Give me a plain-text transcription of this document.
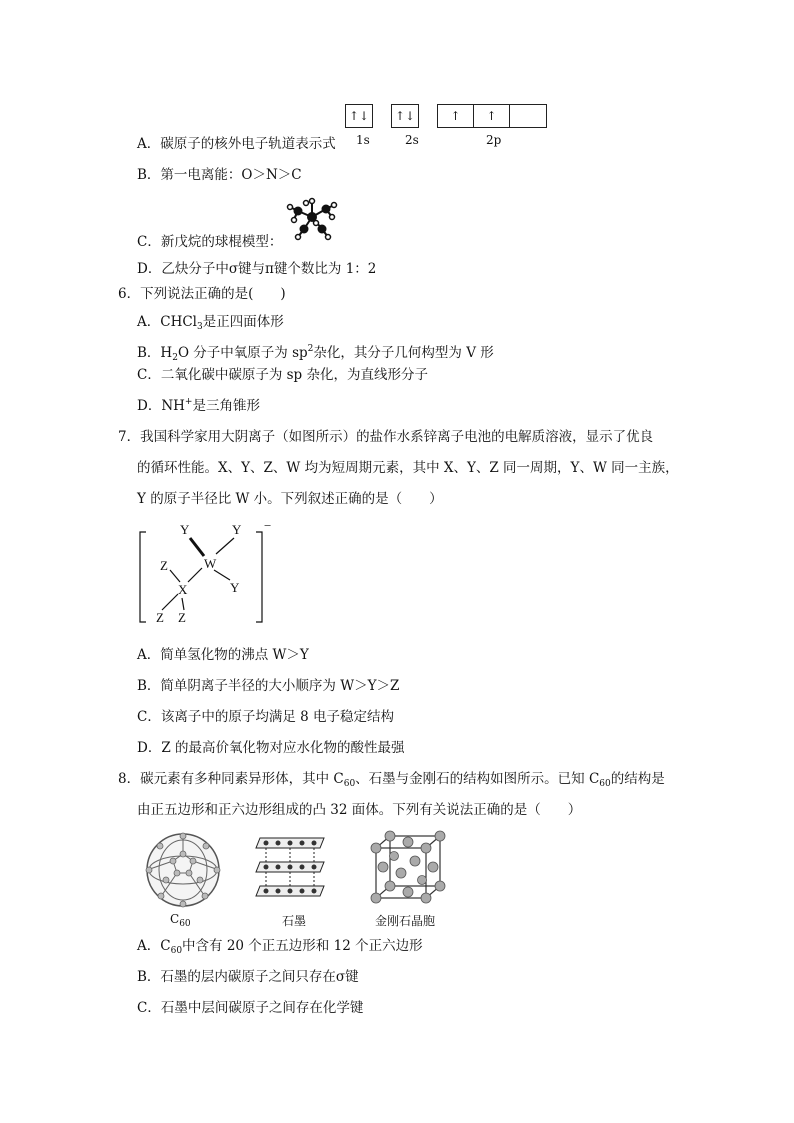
↑↓ ↑↓	↑	↑
1s	2s	2p
A．碳原子的核外电子轨道表示式
B．第一电离能：O＞N＞C
C．新戊烷的球棍模型：
D．乙炔分子中σ键与π键个数比为 1：2
6．下列说法正确的是(　　)
A．CHCl$_3$是正四面体形
B．$H_2O$ 分子中氧原子为 $sp^2$杂化，其分子几何构型为 V 形
C．二氧化碳中碳原子为 sp 杂化，为直线形分子
D．NH+是三角锥形
7．我国科学家用大阴离子（如图所示）的盐作水系锌离子电池的电解质溶液，显示了优良
的循环性能。X、Y、Z、W 均为短周期元素，其中 X、Y、Z 同一周期，Y、W 同一主族，
Y 的原子半径比 W 小。下列叙述正确的是（　　）
Y	Y
W
Z
Y
X
Z Z
−
A．简单氢化物的沸点 W＞Y
B．简单阴离子半径的大小顺序为 W＞Y＞Z
C．该离子中的原子均满足 8 电子稳定结构
D．Z 的最高价氧化物对应水化物的酸性最强
8．碳元素有多种同素异形体，其中 $C_{60}$、石墨与金刚石的结构如图所示。已知 $C_{60}$的结构是
由正五边形和正六边形组成的凸 32 面体。下列有关说法正确的是（　　）
$C_{60}$	石墨	金刚石晶胞
A．$C_{60}$中含有 20 个正五边形和 12 个正六边形
B．石墨的层内碳原子之间只存在σ键
C．石墨中层间碳原子之间存在化学键
